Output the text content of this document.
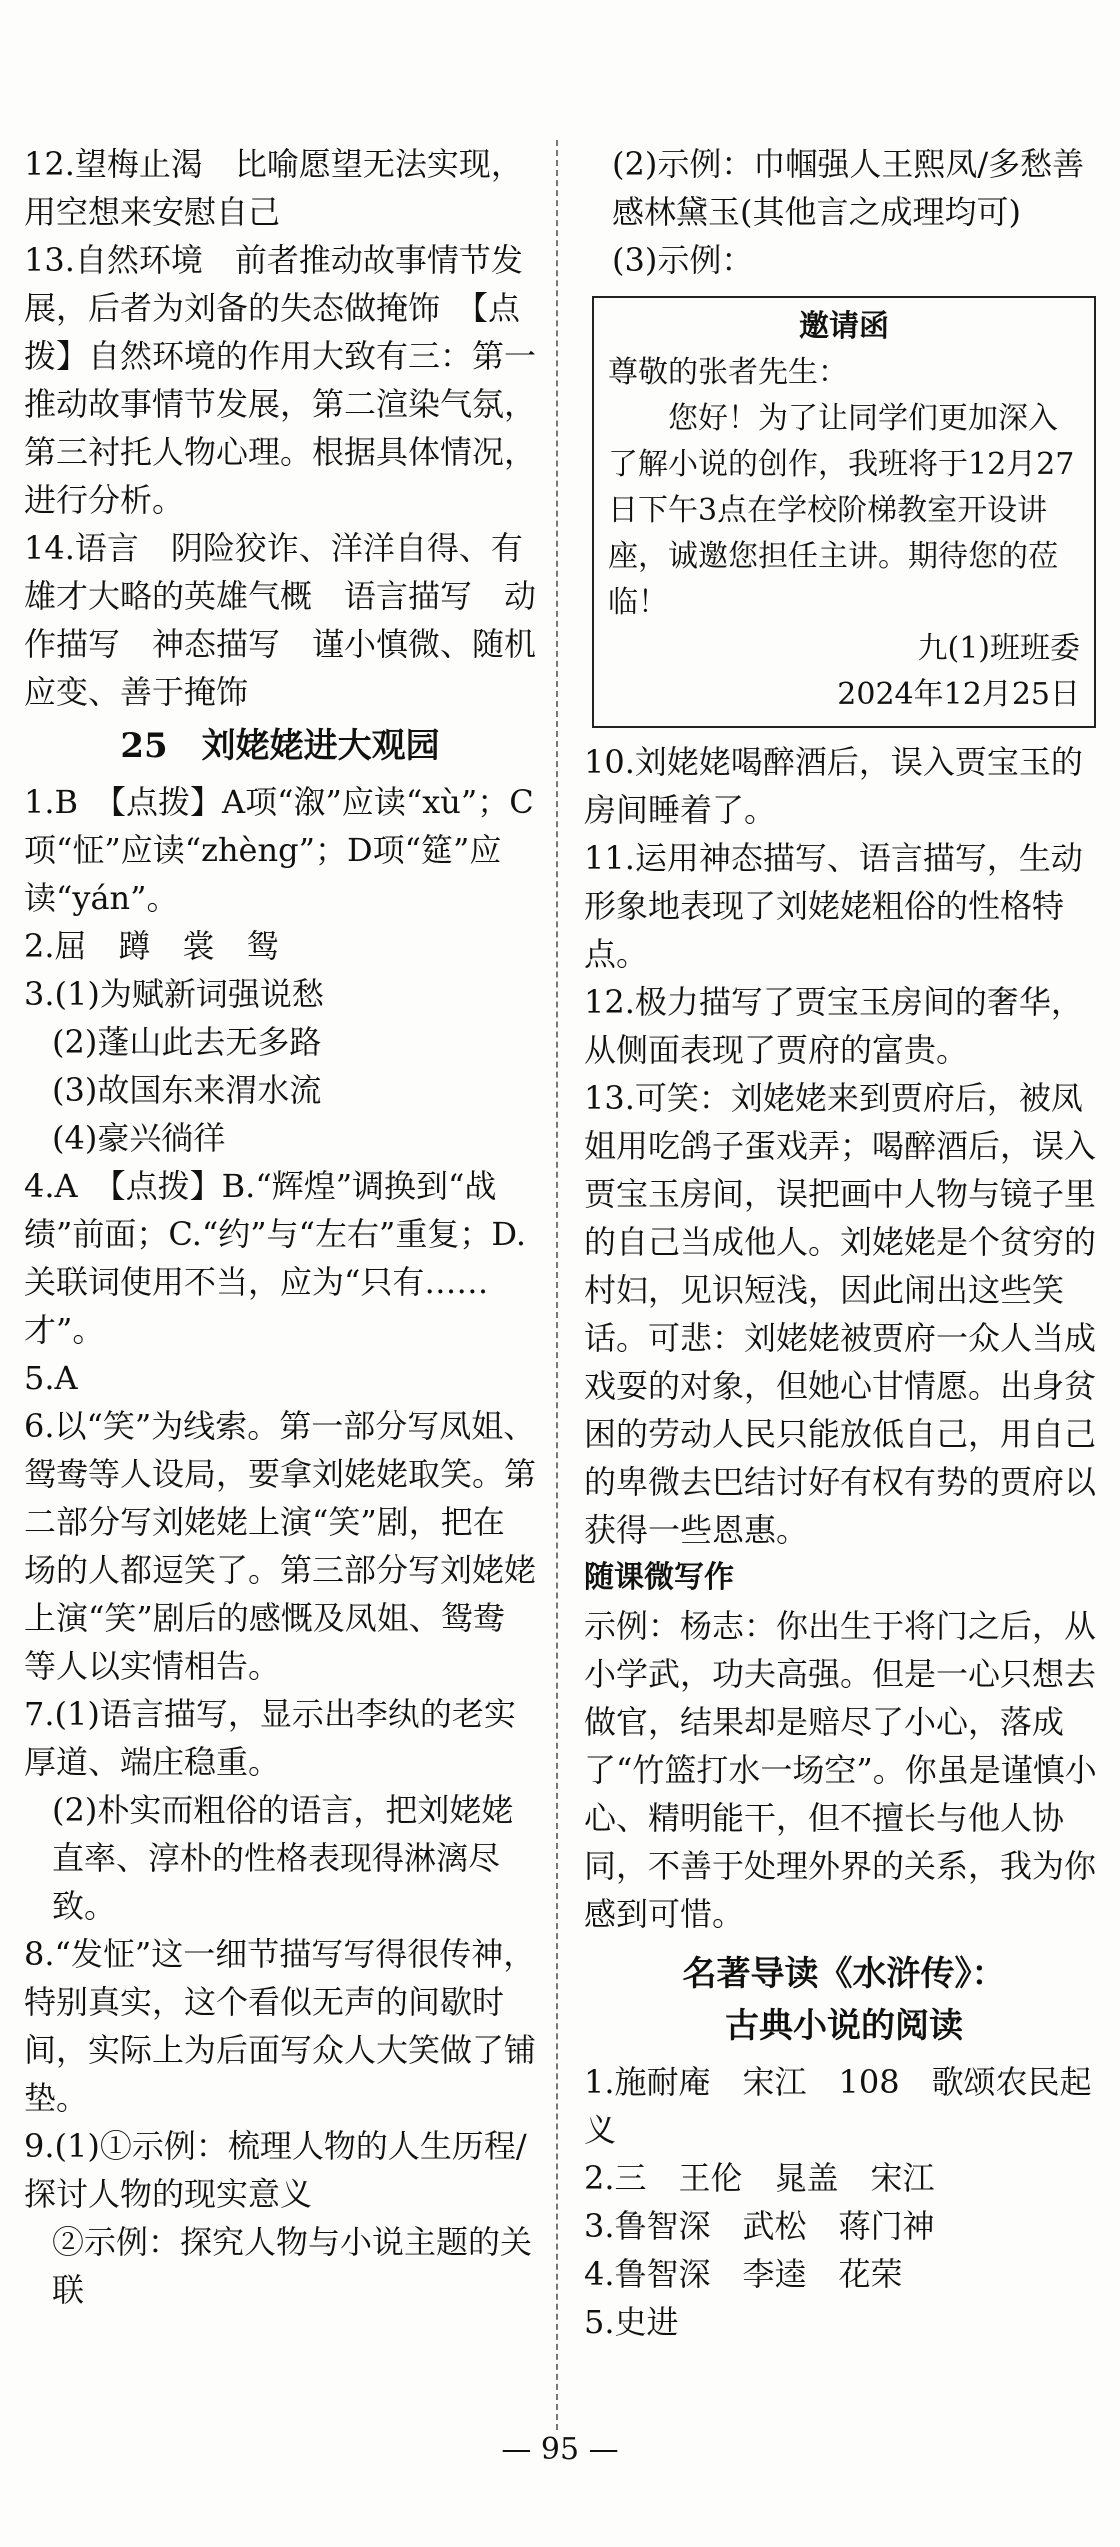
12.望梅止渴　比喻愿望无法实现，用空想来安慰自己

13.自然环境　前者推动故事情节发展，后者为刘备的失态做掩饰　【点拨】自然环境的作用大致有三：第一推动故事情节发展，第二渲染气氛，第三衬托人物心理。根据具体情况，进行分析。

14.语言　阴险狡诈、洋洋自得、有雄才大略的英雄气概　语言描写　动作描写　神态描写　谨小慎微、随机应变、善于掩饰

25　刘姥姥进大观园

1.B　【点拨】A项“溆”应读“xù”；C项“怔”应读“zhèng”；D项“筵”应读“yán”。

2.屈　蹲　裳　鸳

3.(1)为赋新词强说愁

(2)蓬山此去无多路

(3)故国东来渭水流

(4)豪兴徜徉

4.A　【点拨】B.“辉煌”调换到“战绩”前面；C.“约”与“左右”重复；D.关联词使用不当，应为“只有……才”。

5.A

6.以“笑”为线索。第一部分写凤姐、鸳鸯等人设局，要拿刘姥姥取笑。第二部分写刘姥姥上演“笑”剧，把在场的人都逗笑了。第三部分写刘姥姥上演“笑”剧后的感慨及凤姐、鸳鸯等人以实情相告。

7.(1)语言描写，显示出李纨的老实厚道、端庄稳重。

(2)朴实而粗俗的语言，把刘姥姥直率、淳朴的性格表现得淋漓尽致。

8.“发怔”这一细节描写写得很传神，特别真实，这个看似无声的间歇时间，实际上为后面写众人大笑做了铺垫。

9.(1)①示例：梳理人物的人生历程/探讨人物的现实意义

②示例：探究人物与小说主题的关联

(2)示例：巾帼强人王熙凤/多愁善感林黛玉(其他言之成理均可)

(3)示例：

邀请函
尊敬的张者先生：
您好！为了让同学们更加深入了解小说的创作，我班将于12月27日下午3点在学校阶梯教室开设讲座，诚邀您担任主讲。期待您的莅临！
九(1)班班委
2024年12月25日

10.刘姥姥喝醉酒后，误入贾宝玉的房间睡着了。

11.运用神态描写、语言描写，生动形象地表现了刘姥姥粗俗的性格特点。

12.极力描写了贾宝玉房间的奢华，从侧面表现了贾府的富贵。

13.可笑：刘姥姥来到贾府后，被凤姐用吃鸽子蛋戏弄；喝醉酒后，误入贾宝玉房间，误把画中人物与镜子里的自己当成他人。刘姥姥是个贫穷的村妇，见识短浅，因此闹出这些笑话。可悲：刘姥姥被贾府一众人当成戏耍的对象，但她心甘情愿。出身贫困的劳动人民只能放低自己，用自己的卑微去巴结讨好有权有势的贾府以获得一些恩惠。

随课微写作

示例：杨志：你出生于将门之后，从小学武，功夫高强。但是一心只想去做官，结果却是赔尽了小心，落成了“竹篮打水一场空”。你虽是谨慎小心、精明能干，但不擅长与他人协同，不善于处理外界的关系，我为你感到可惜。

名著导读《水浒传》：
古典小说的阅读

1.施耐庵　宋江　108　歌颂农民起义

2.三　王伦　晁盖　宋江

3.鲁智深　武松　蒋门神

4.鲁智深　李逵　花荣

5.史进

— 95 —
